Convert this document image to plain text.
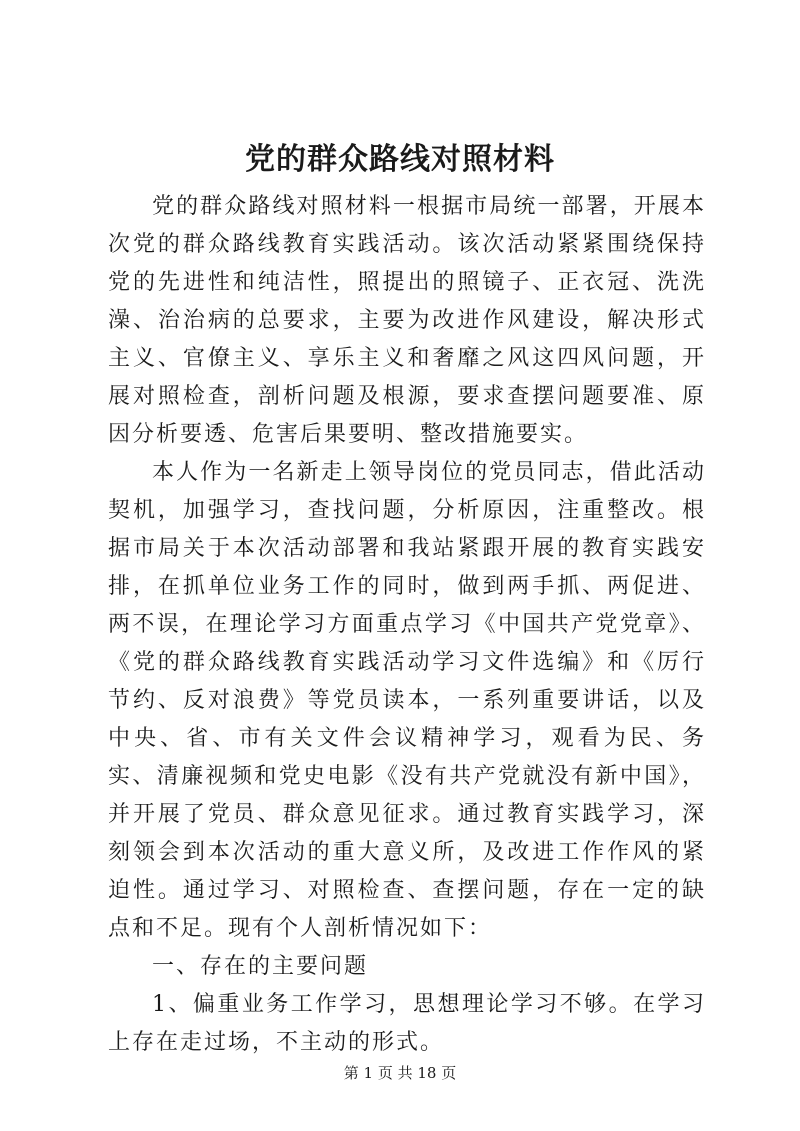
党的群众路线对照材料

党的群众路线对照材料一根据市局统一部署，开展本次党的群众路线教育实践活动。该次活动紧紧围绕保持党的先进性和纯洁性，照提出的照镜子、正衣冠、洗洗澡、治治病的总要求，主要为改进作风建设，解决形式主义、官僚主义、享乐主义和奢靡之风这四风问题，开展对照检查，剖析问题及根源，要求查摆问题要准、原因分析要透、危害后果要明、整改措施要实。

本人作为一名新走上领导岗位的党员同志，借此活动契机，加强学习，查找问题，分析原因，注重整改。根据市局关于本次活动部署和我站紧跟开展的教育实践安排，在抓单位业务工作的同时，做到两手抓、两促进、两不误，在理论学习方面重点学习《中国共产党党章》、《党的群众路线教育实践活动学习文件选编》和《厉行节约、反对浪费》等党员读本，一系列重要讲话，以及中央、省、市有关文件会议精神学习，观看为民、务实、清廉视频和党史电影《没有共产党就没有新中国》，并开展了党员、群众意见征求。通过教育实践学习，深刻领会到本次活动的重大意义所，及改进工作作风的紧迫性。通过学习、对照检查、查摆问题，存在一定的缺点和不足。现有个人剖析情况如下：

一、存在的主要问题

1、偏重业务工作学习，思想理论学习不够。在学习上存在走过场，不主动的形式。

第 1 页 共 18 页
